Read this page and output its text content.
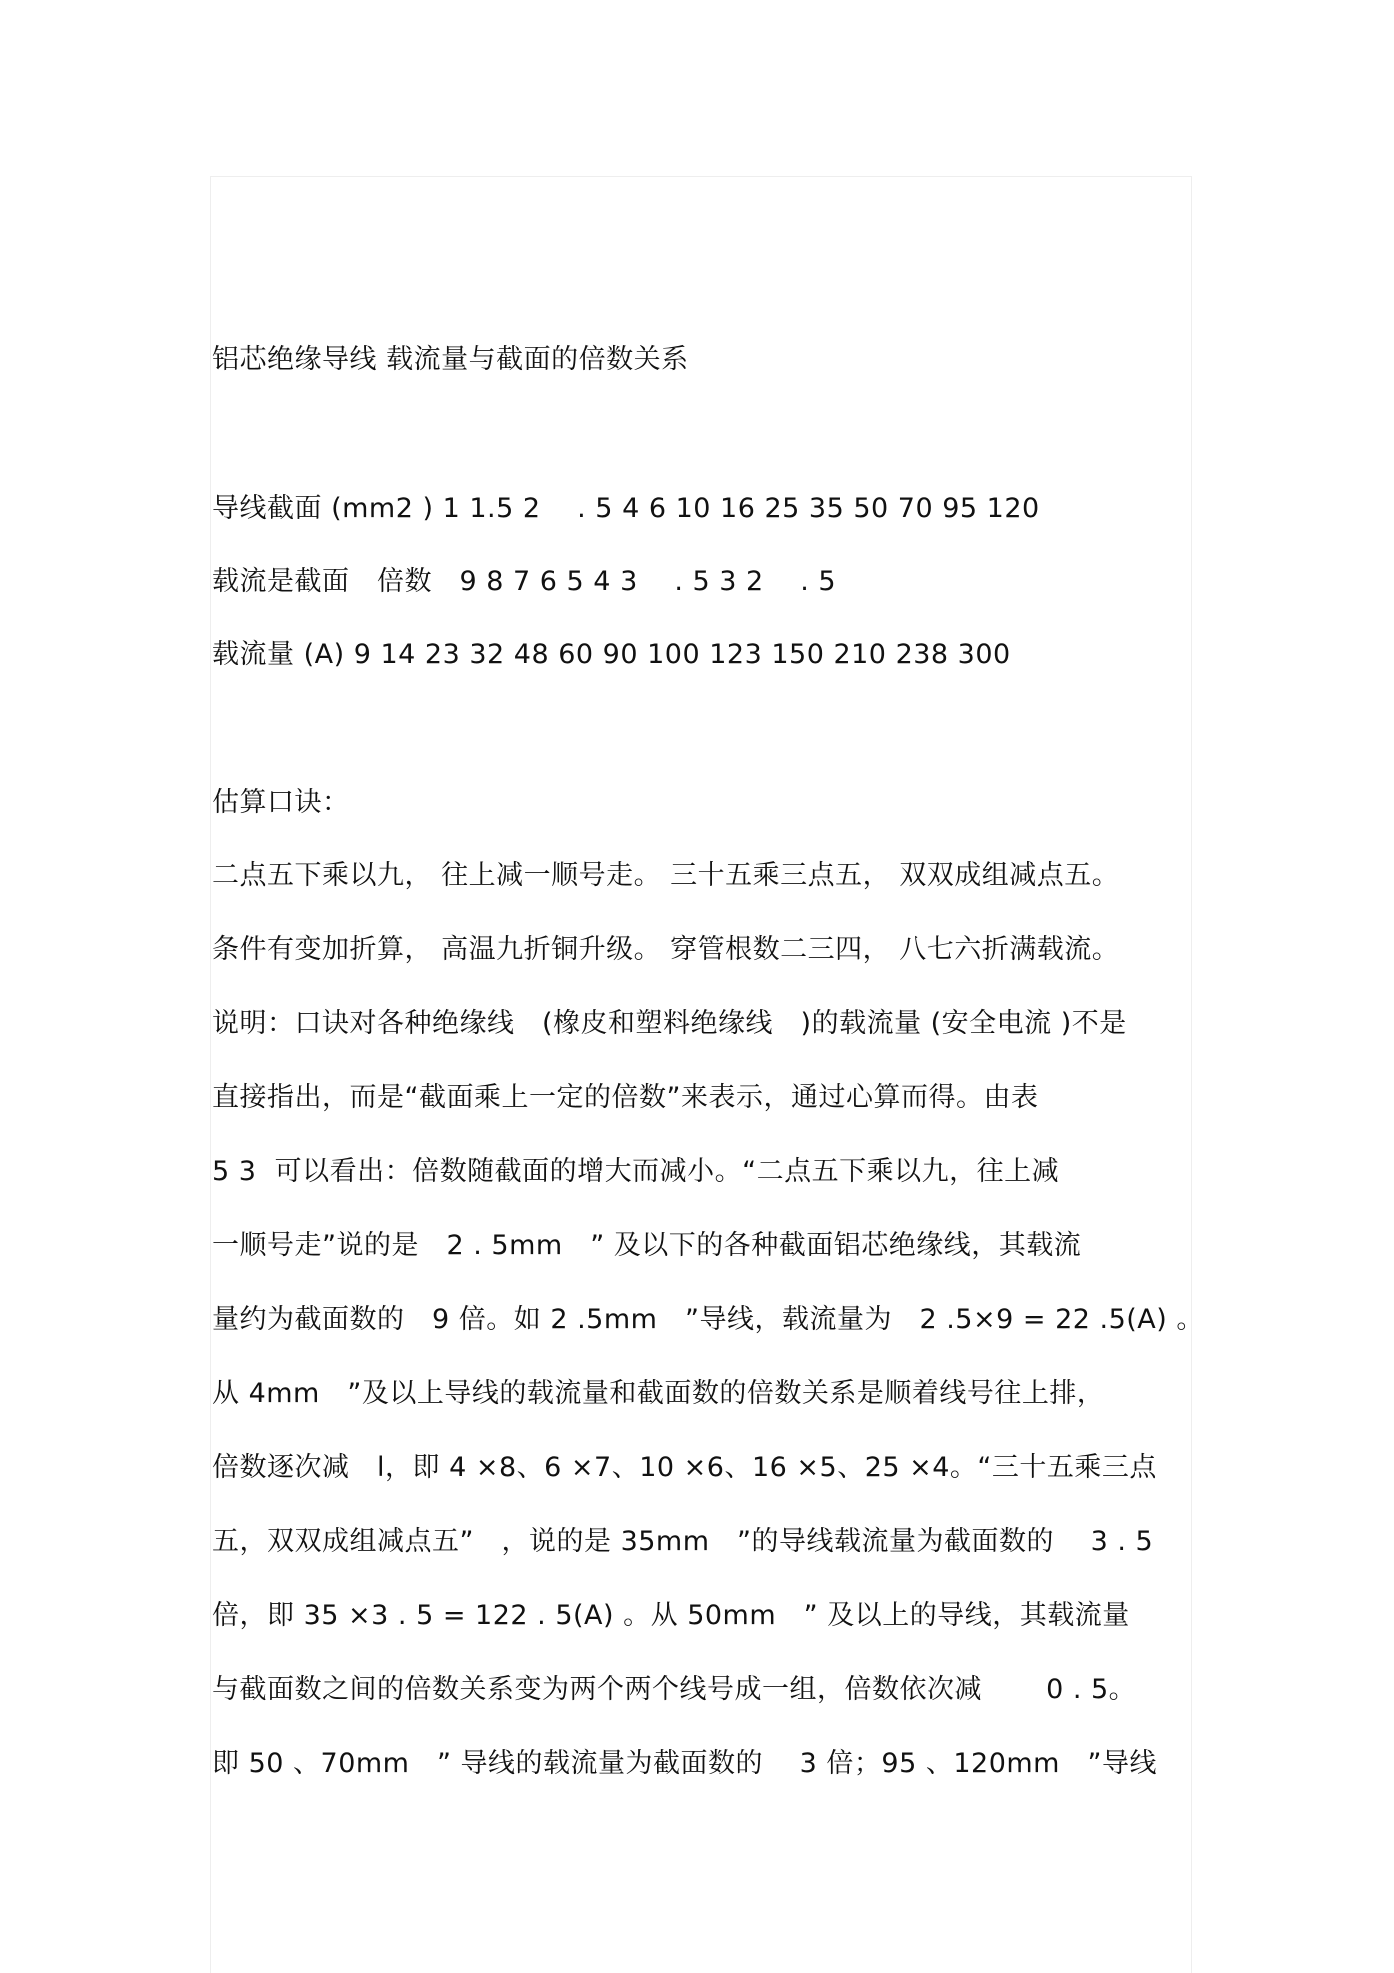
铝芯绝缘导线 载流量与截面的倍数关系
导线截面 (mm2 ) 1 1.5 2 　. 5 4 6 10 16 25 35 50 70 95 120
载流是截面　倍数　9 8 7 6 5 4 3 　. 5 3 2 　. 5
载流量 (A) 9 14 23 32 48 60 90 100 123 150 210 238 300
估算口诀：
二点五下乘以九， 往上减一顺号走。 三十五乘三点五， 双双成组减点五。
条件有变加折算， 高温九折铜升级。 穿管根数二三四， 八七六折满载流。
说明：口诀对各种绝缘线　(橡皮和塑料绝缘线　)的载流量 (安全电流 )不是
直接指出，而是“截面乘上一定的倍数”来表示，通过心算而得。由表
5 3  可以看出：倍数随截面的增大而减小。“二点五下乘以九，往上减
一顺号走”说的是　2 . 5mm　” 及以下的各种截面铝芯绝缘线，其载流
量约为截面数的　9 倍。如 2 .5mm　”导线，载流量为　2 .5×9 = 22 .5(A) 。
从 4mm　”及以上导线的载流量和截面数的倍数关系是顺着线号往上排，
倍数逐次减　l，即 4 ×8、6 ×7、10 ×6、16 ×5、25 ×4。“三十五乘三点
五，双双成组减点五”　，说的是 35mm　”的导线载流量为截面数的　 3 . 5
倍，即 35 ×3 . 5 = 122 . 5(A) 。从 50mm　” 及以上的导线，其载流量
与截面数之间的倍数关系变为两个两个线号成一组，倍数依次减　　 0 . 5。
即 50 、70mm　” 导线的载流量为截面数的　 3 倍；95 、120mm　”导线
